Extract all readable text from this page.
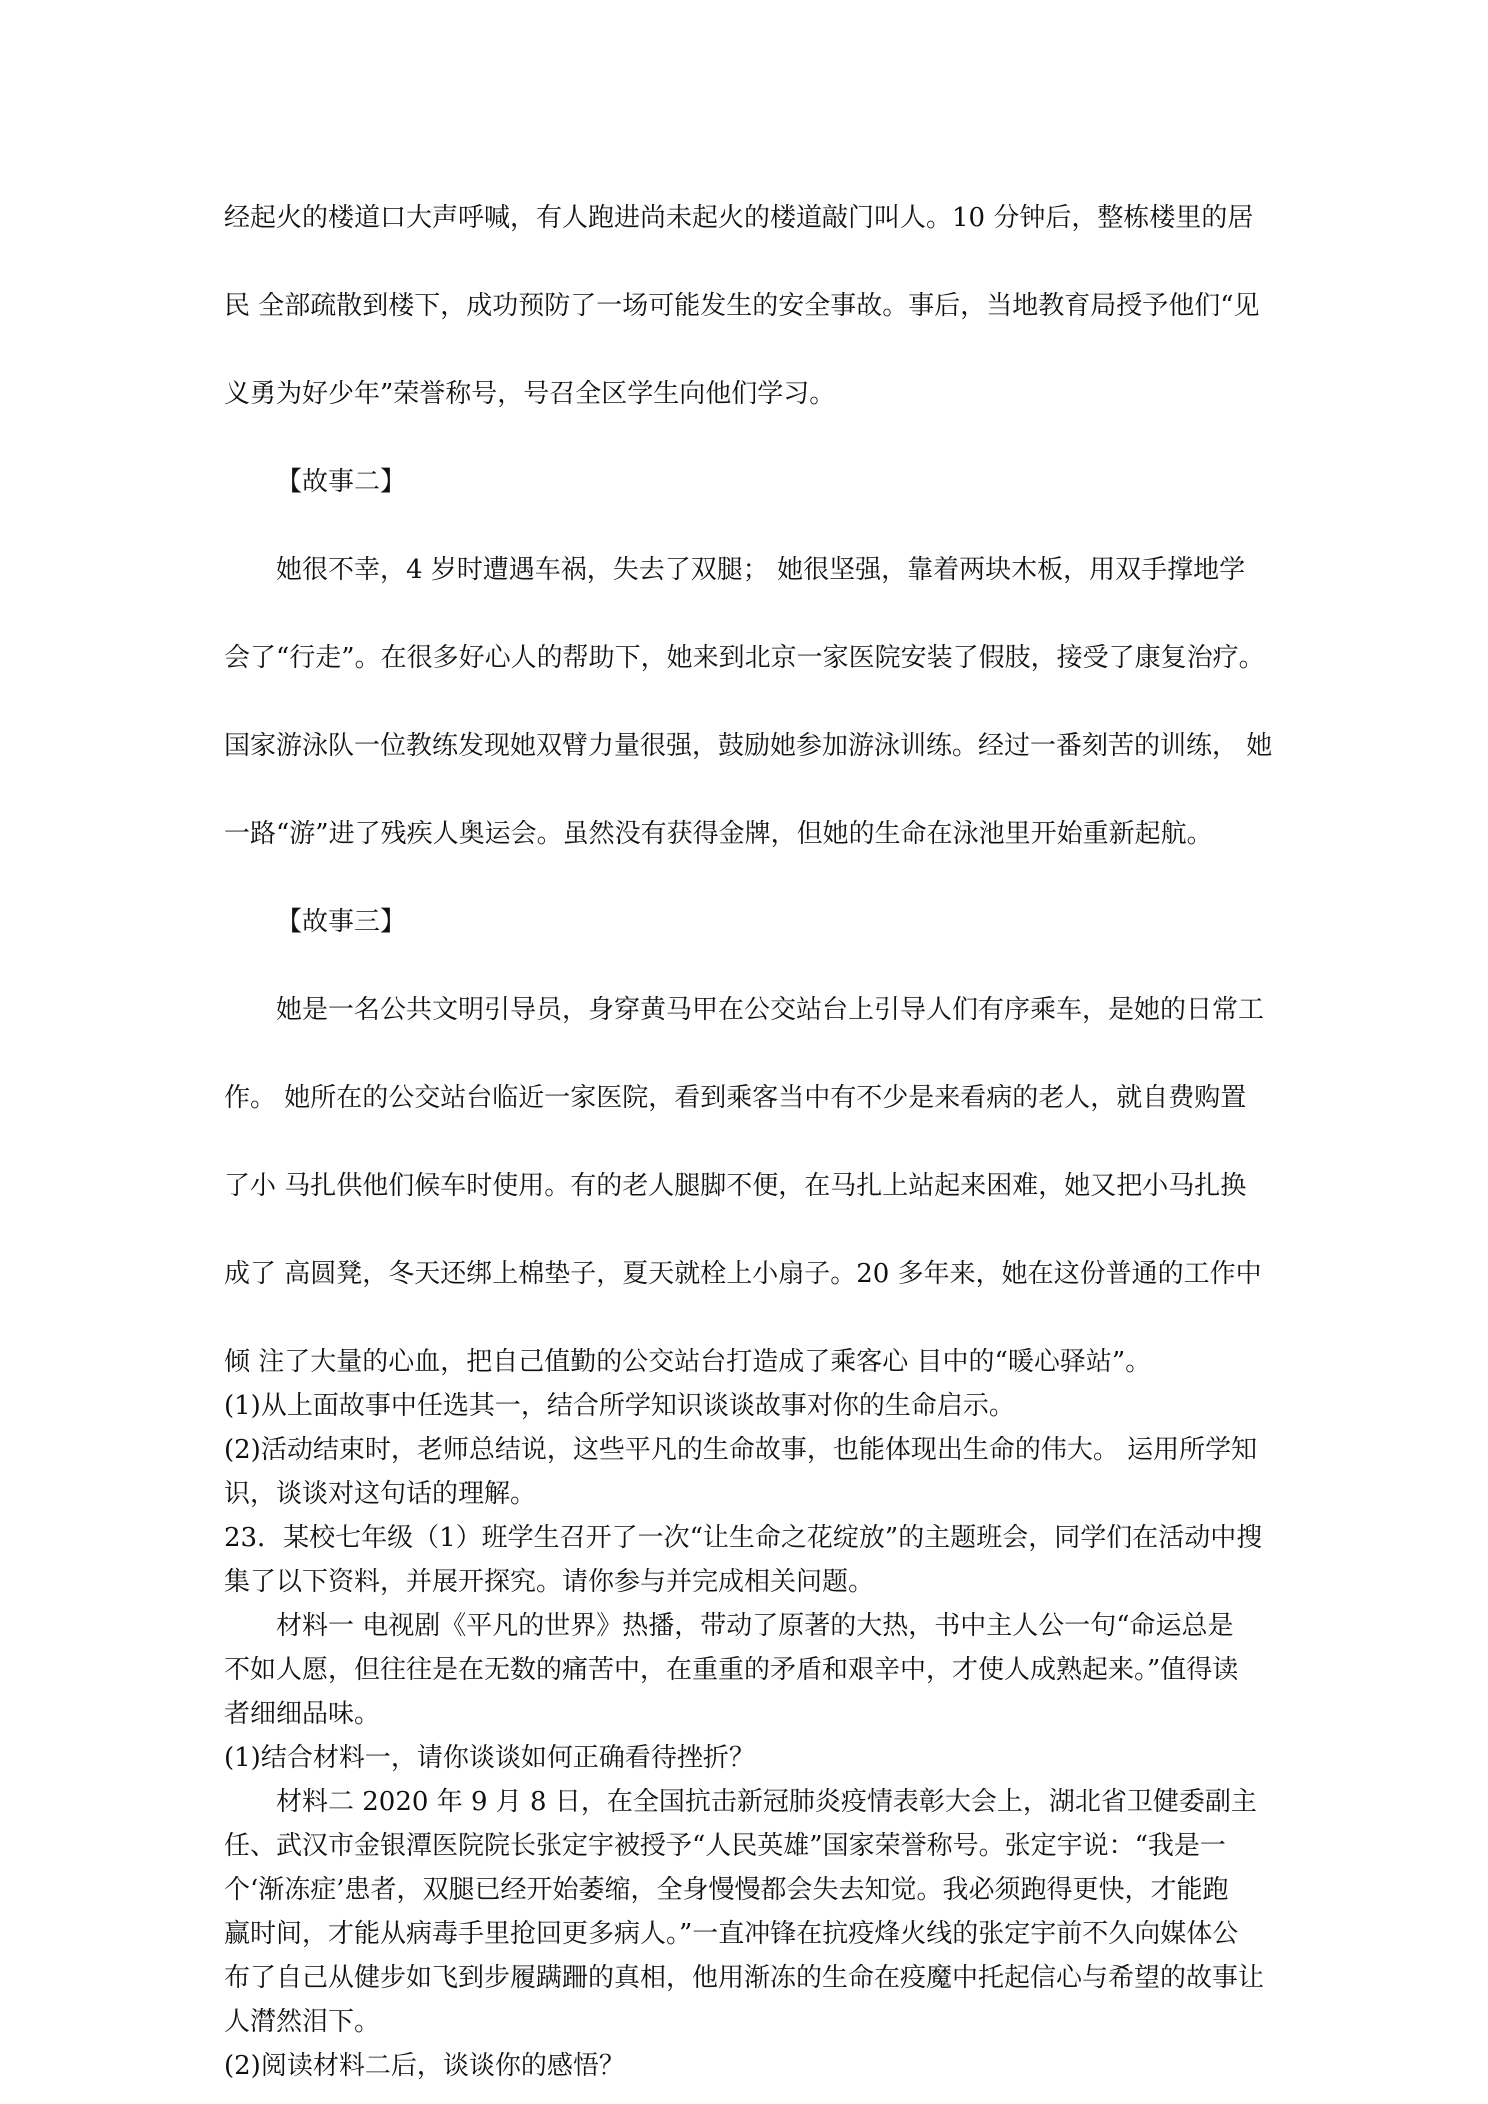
经起火的楼道口大声呼喊，有人跑进尚未起火的楼道敲门叫人。10 分钟后，整栋楼里的居
民 全部疏散到楼下，成功预防了一场可能发生的安全事故。事后，当地教育局授予他们“见
义勇为好少年”荣誉称号，号召全区学生向他们学习。
【故事二】
她很不幸，4 岁时遭遇车祸，失去了双腿； 她很坚强，靠着两块木板，用双手撑地学
会了“行走”。在很多好心人的帮助下，她来到北京一家医院安装了假肢，接受了康复治疗。
国家游泳队一位教练发现她双臂力量很强，鼓励她参加游泳训练。经过一番刻苦的训练， 她
一路“游”进了残疾人奥运会。虽然没有获得金牌，但她的生命在泳池里开始重新起航。
【故事三】
她是一名公共文明引导员，身穿黄马甲在公交站台上引导人们有序乘车，是她的日常工
作。 她所在的公交站台临近一家医院，看到乘客当中有不少是来看病的老人，就自费购置
了小 马扎供他们候车时使用。有的老人腿脚不便，在马扎上站起来困难，她又把小马扎换
成了 高圆凳，冬天还绑上棉垫子，夏天就栓上小扇子。20 多年来，她在这份普通的工作中
倾 注了大量的心血，把自己值勤的公交站台打造成了乘客心 目中的“暖心驿站”。
(1)从上面故事中任选其一，结合所学知识谈谈故事对你的生命启示。
(2)活动结束时，老师总结说，这些平凡的生命故事，也能体现出生命的伟大。 运用所学知
识，谈谈对这句话的理解。
23．某校七年级（1）班学生召开了一次“让生命之花绽放”的主题班会，同学们在活动中搜
集了以下资料，并展开探究。请你参与并完成相关问题。
材料一 电视剧《平凡的世界》热播，带动了原著的大热，书中主人公一句“命运总是
不如人愿，但往往是在无数的痛苦中，在重重的矛盾和艰辛中，才使人成熟起来。”值得读
者细细品味。
(1)结合材料一，请你谈谈如何正确看待挫折？
材料二 2020 年 9 月 8 日，在全国抗击新冠肺炎疫情表彰大会上，湖北省卫健委副主
任、武汉市金银潭医院院长张定宇被授予“人民英雄”国家荣誉称号。张定宇说：“我是一
个‘渐冻症’患者，双腿已经开始萎缩，全身慢慢都会失去知觉。我必须跑得更快，才能跑
赢时间，才能从病毒手里抢回更多病人。”一直冲锋在抗疫烽火线的张定宇前不久向媒体公
布了自己从健步如飞到步履蹒跚的真相，他用渐冻的生命在疫魔中托起信心与希望的故事让
人潸然泪下。
(2)阅读材料二后，谈谈你的感悟？
